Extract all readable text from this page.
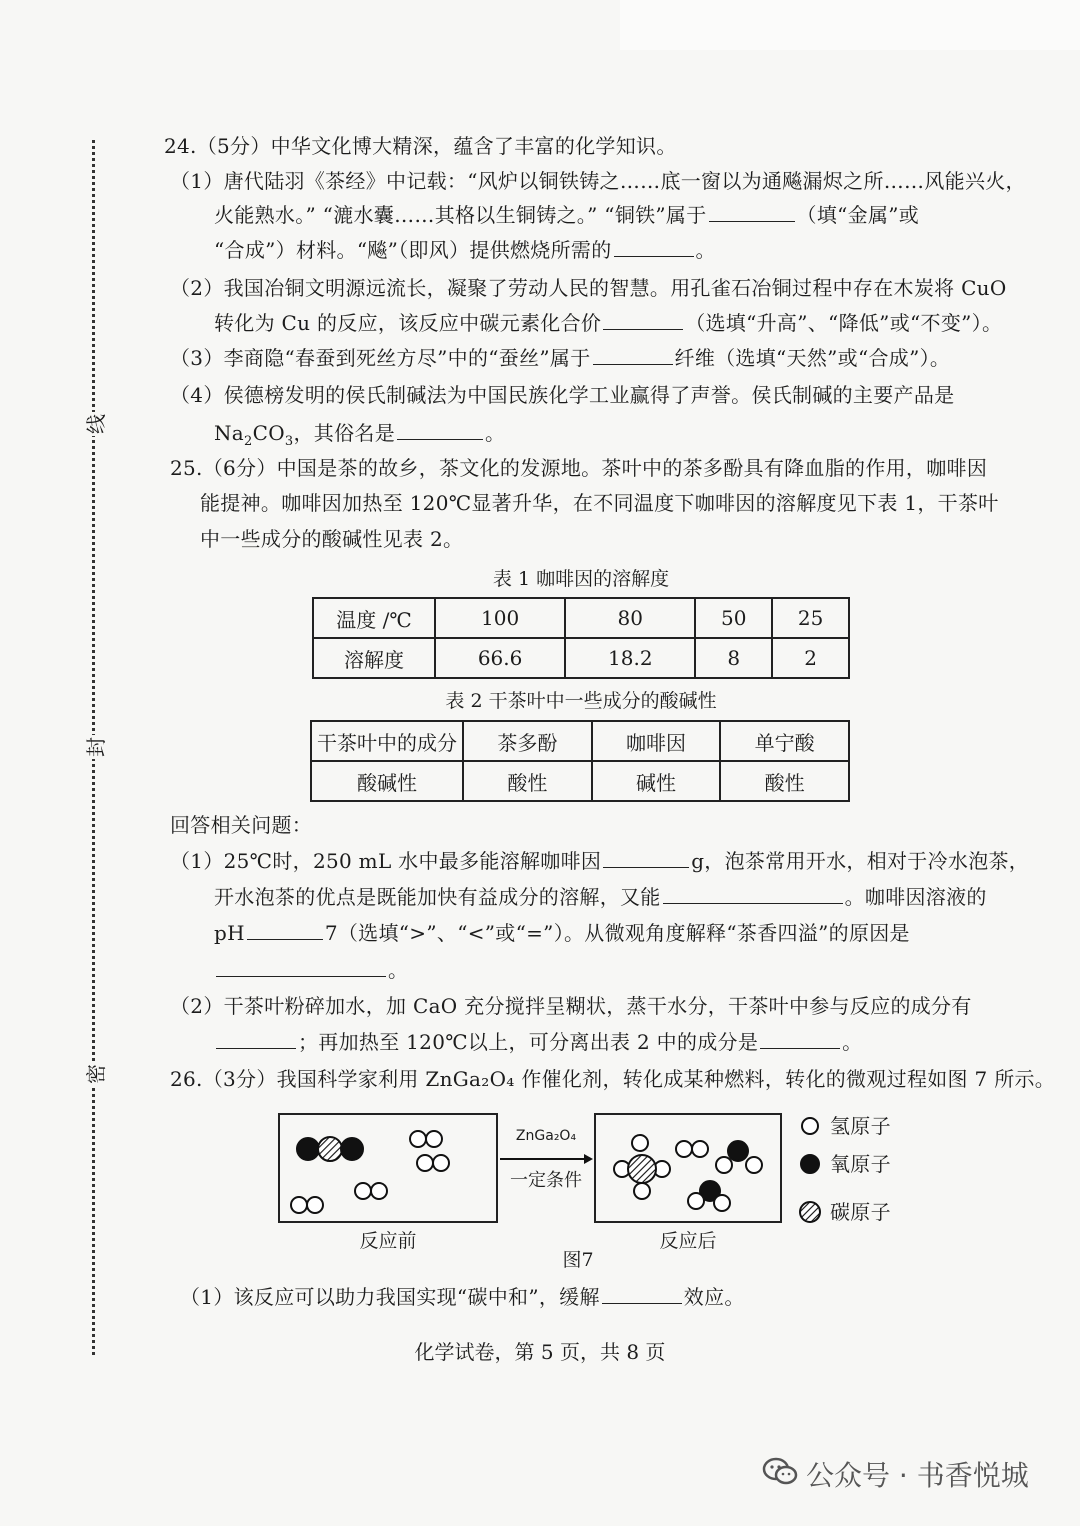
线
封
密
24.（5分）中华文化博大精深，蕴含了丰富的化学知识。
（1）唐代陆羽《茶经》中记载：“风炉以铜铁铸之……底一窗以为通飚漏烬之所……风能兴火，
火能熟水。” “漉水囊……其格以生铜铸之。” “铜铁”属于	（填“金属”或
“合成”）材料。“飚”（即风）提供燃烧所需的	。
（2）我国冶铜文明源远流长，凝聚了劳动人民的智慧。用孔雀石冶铜过程中存在木炭将 CuO
转化为 Cu 的反应，该反应中碳元素化合价	（选填“升高”、“降低”或“不变”）。
（3）李商隐“春蚕到死丝方尽”中的“蚕丝”属于	纤维（选填“天然”或“合成”）。
（4）侯德榜发明的侯氏制碱法为中国民族化学工业赢得了声誉。侯氏制碱的主要产品是
$Na_2CO_3$，其俗名是	。
25.（6分）中国是茶的故乡，茶文化的发源地。茶叶中的茶多酚具有降血脂的作用，咖啡因
能提神。咖啡因加热至 120℃显著升华，在不同温度下咖啡因的溶解度见下表 1，干茶叶
中一些成分的酸碱性见表 2。
表 1 咖啡因的溶解度
温度 /℃	100	80	50	25
溶解度	66.6	18.2	8	2
表 2 干茶叶中一些成分的酸碱性
干茶叶中的成分	茶多酚	咖啡因	单宁酸
酸碱性	酸性	碱性	酸性
回答相关问题：
（1）25℃时，250 mL 水中最多能溶解咖啡因	g，泡茶常用开水，相对于冷水泡茶，
开水泡茶的优点是既能加快有益成分的溶解，又能	。咖啡因溶液的
pH	7（选填“>”、“<”或“=”）。从微观角度解释“茶香四溢”的原因是
。
（2）干茶叶粉碎加水，加 CaO 充分搅拌呈糊状，蒸干水分，干茶叶中参与反应的成分有
；再加热至 120℃以上，可分离出表 2 中的成分是	。
26.（3分）我国科学家利用 ZnGa₂O₄ 作催化剂，转化成某种燃料，转化的微观过程如图 7 所示。
ZnGa₂O₄
一定条件
氢原子
氧原子
碳原子
反应前	反应后
图7
（1）该反应可以助力我国实现“碳中和”，缓解	效应。
化学试卷，第 5 页，共 8 页
公众号 · 书香悦城
